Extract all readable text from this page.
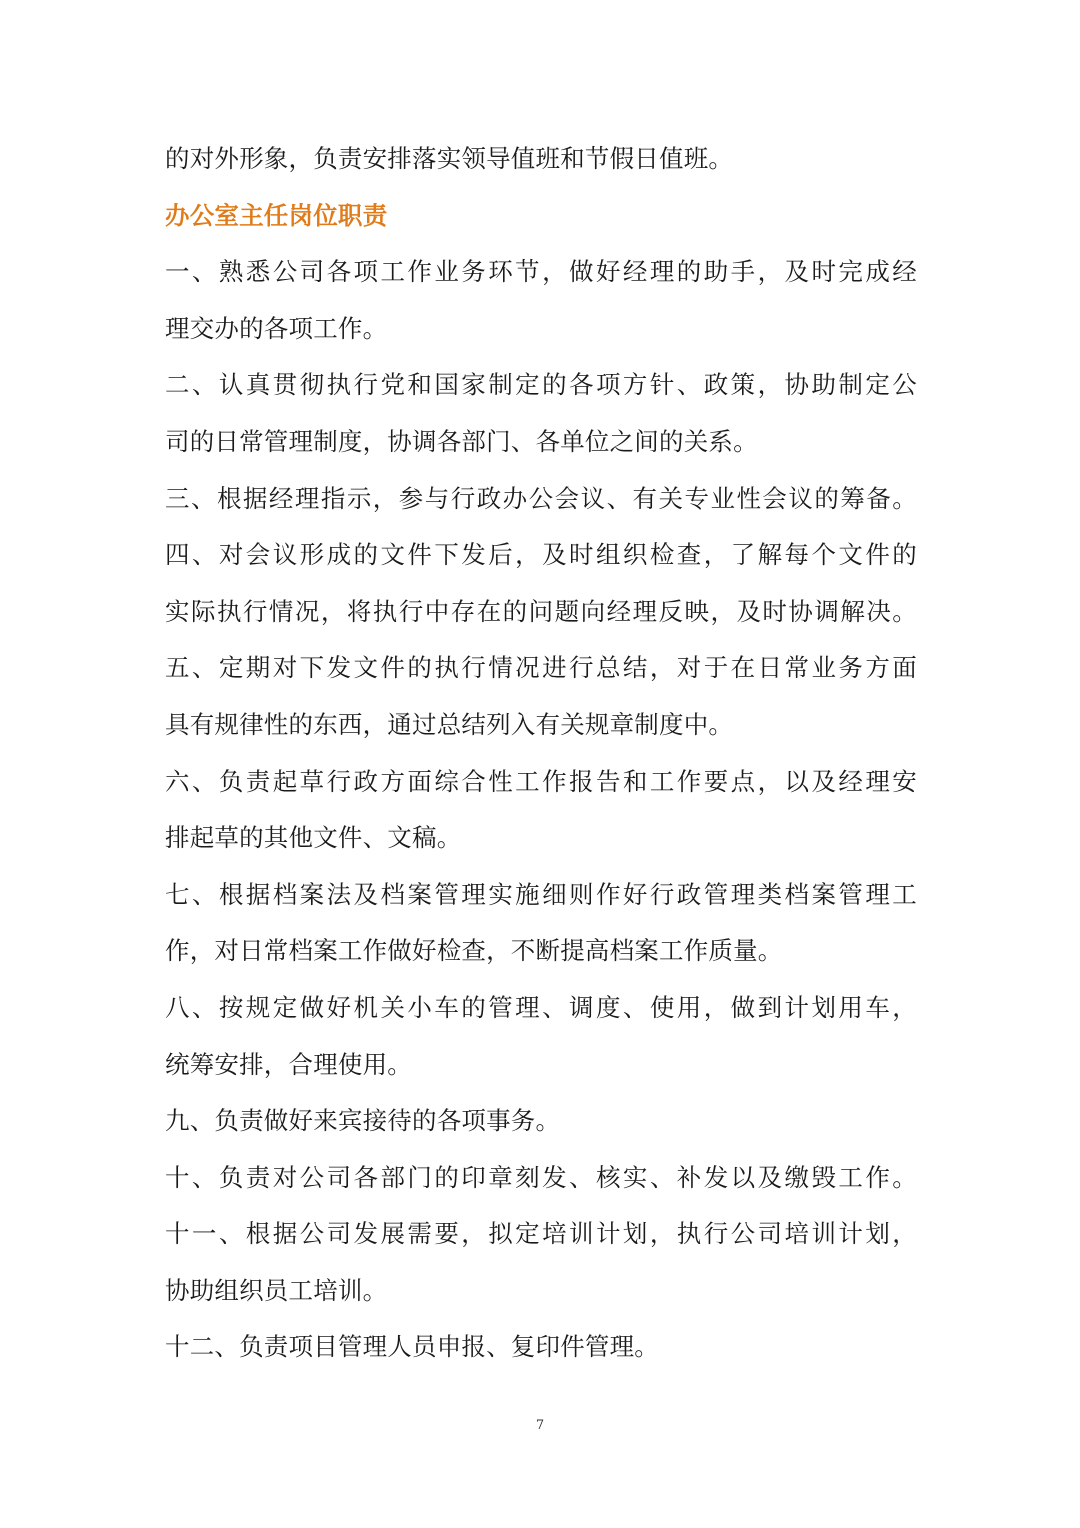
的对外形象，负责安排落实领导值班和节假日值班。
办公室主任岗位职责
一、熟悉公司各项工作业务环节，做好经理的助手，及时完成经
理交办的各项工作。
二、认真贯彻执行党和国家制定的各项方针、政策，协助制定公
司的日常管理制度，协调各部门、各单位之间的关系。
三、根据经理指示，参与行政办公会议、有关专业性会议的筹备。
四、对会议形成的文件下发后，及时组织检查，了解每个文件的
实际执行情况，将执行中存在的问题向经理反映，及时协调解决。
五、定期对下发文件的执行情况进行总结，对于在日常业务方面
具有规律性的东西，通过总结列入有关规章制度中。
六、负责起草行政方面综合性工作报告和工作要点，以及经理安
排起草的其他文件、文稿。
七、根据档案法及档案管理实施细则作好行政管理类档案管理工
作，对日常档案工作做好检查，不断提高档案工作质量。
八、按规定做好机关小车的管理、调度、使用，做到计划用车，
统筹安排，合理使用。
九、负责做好来宾接待的各项事务。
十、负责对公司各部门的印章刻发、核实、补发以及缴毁工作。
十一、根据公司发展需要，拟定培训计划，执行公司培训计划，
协助组织员工培训。
十二、负责项目管理人员申报、复印件管理。
7
